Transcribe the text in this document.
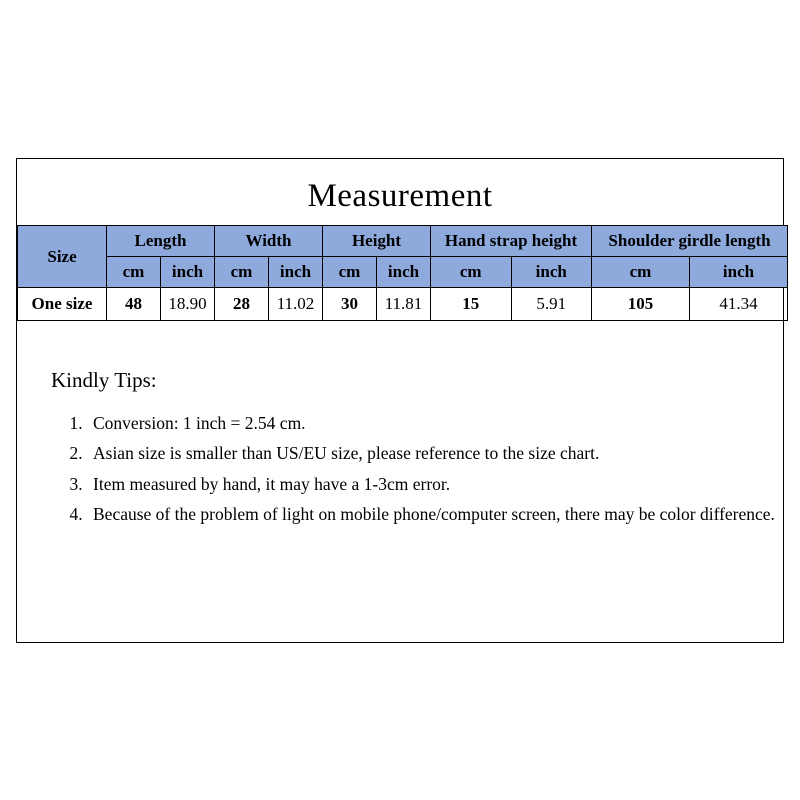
Measurement
Size	Length		Width		Height		Hand strap height		Shoulder girdle length	
	cm	inch	cm	inch	cm	inch	cm	inch	cm	inch
One size	48	18.90	28	11.02	30	11.81	15	5.91	105	41.34
Kindly Tips:
1. Conversion: 1 inch = 2.54 cm.
2. Asian size is smaller than US/EU size, please reference to the size chart.
3. Item measured by hand, it may have a 1-3cm error.
4. Because of the problem of light on mobile phone/computer screen, there may be color difference.
